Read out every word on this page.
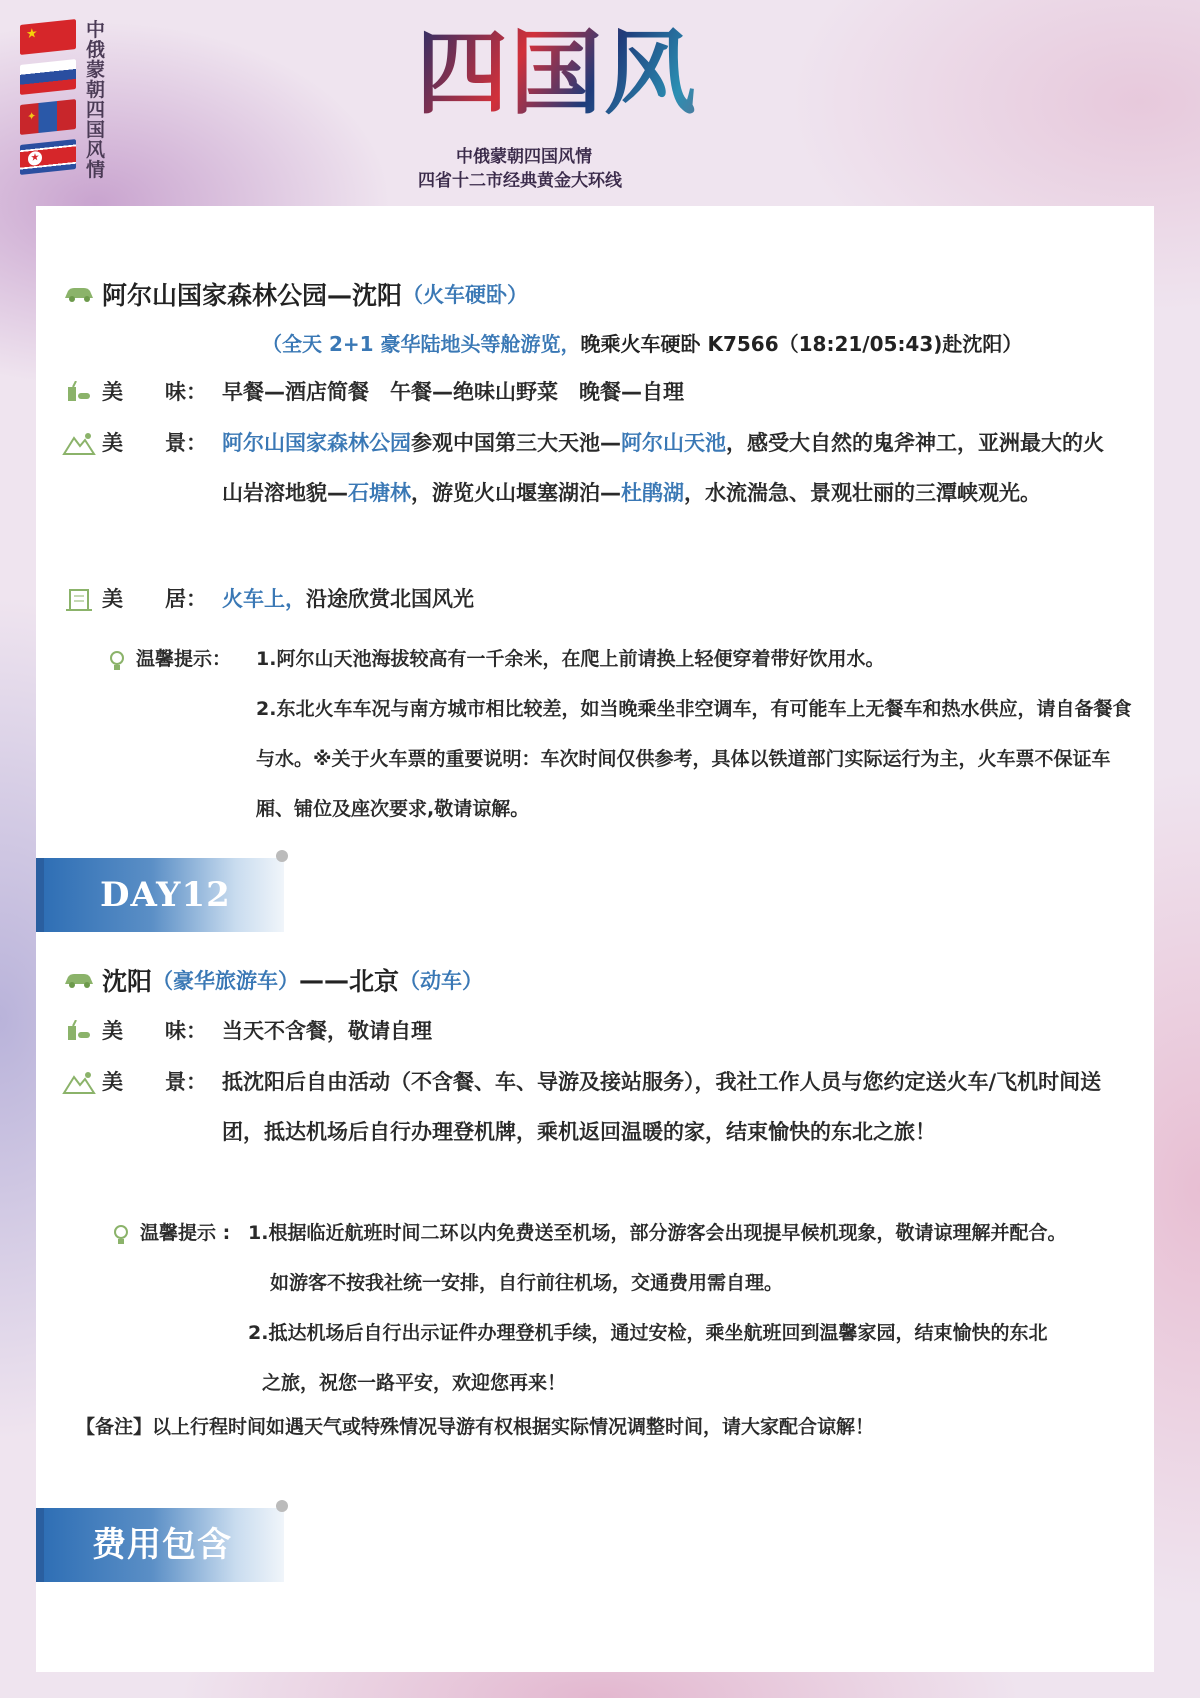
★
✦
★
中俄蒙朝四国风情
四国风
中俄蒙朝四国风情
四省十二市经典黄金大环线
阿尔山国家森林公园—沈阳 （火车硬卧）
（全天 2+1 豪华陆地头等舱游览，晚乘火车硬卧 K7566（18:21/05:43)赴沈阳）
美　　味： 早餐—酒店简餐　午餐—绝味山野菜　晚餐—自理
美　　景： 阿尔山国家森林公园参观中国第三大天池—阿尔山天池，感受大自然的鬼斧神工，亚洲最大的火山岩溶地貌—石塘林，游览火山堰塞湖泊—杜鹃湖，水流湍急、景观壮丽的三潭峡观光。
美　　居： 火车上，沿途欣赏北国风光
温馨提示： 1.阿尔山天池海拔较高有一千余米，在爬上前请换上轻便穿着带好饮用水。
2.东北火车车况与南方城市相比较差，如当晚乘坐非空调车，有可能车上无餐车和热水供应，请自备餐食与水。※关于火车票的重要说明：车次时间仅供参考，具体以铁道部门实际运行为主，火车票不保证车厢、铺位及座次要求,敬请谅解。
DAY12
沈阳 （豪华旅游车） —— 北京 （动车）
美　　味： 当天不含餐，敬请自理
美　　景： 抵沈阳后自由活动（不含餐、车、导游及接站服务），我社工作人员与您约定送火车/飞机时间送团，抵达机场后自行办理登机牌，乘机返回温暖的家，结束愉快的东北之旅！
温馨提示 : 1.根据临近航班时间二环以内免费送至机场，部分游客会出现提早候机现象，敬请谅理解并配合。
如游客不按我社统一安排，自行前往机场，交通费用需自理。
2.抵达机场后自行出示证件办理登机手续，通过安检，乘坐航班回到温馨家园，结束愉快的东北
之旅，祝您一路平安，欢迎您再来！
【备注】以上行程时间如遇天气或特殊情况导游有权根据实际情况调整时间，请大家配合谅解！
费用包含
